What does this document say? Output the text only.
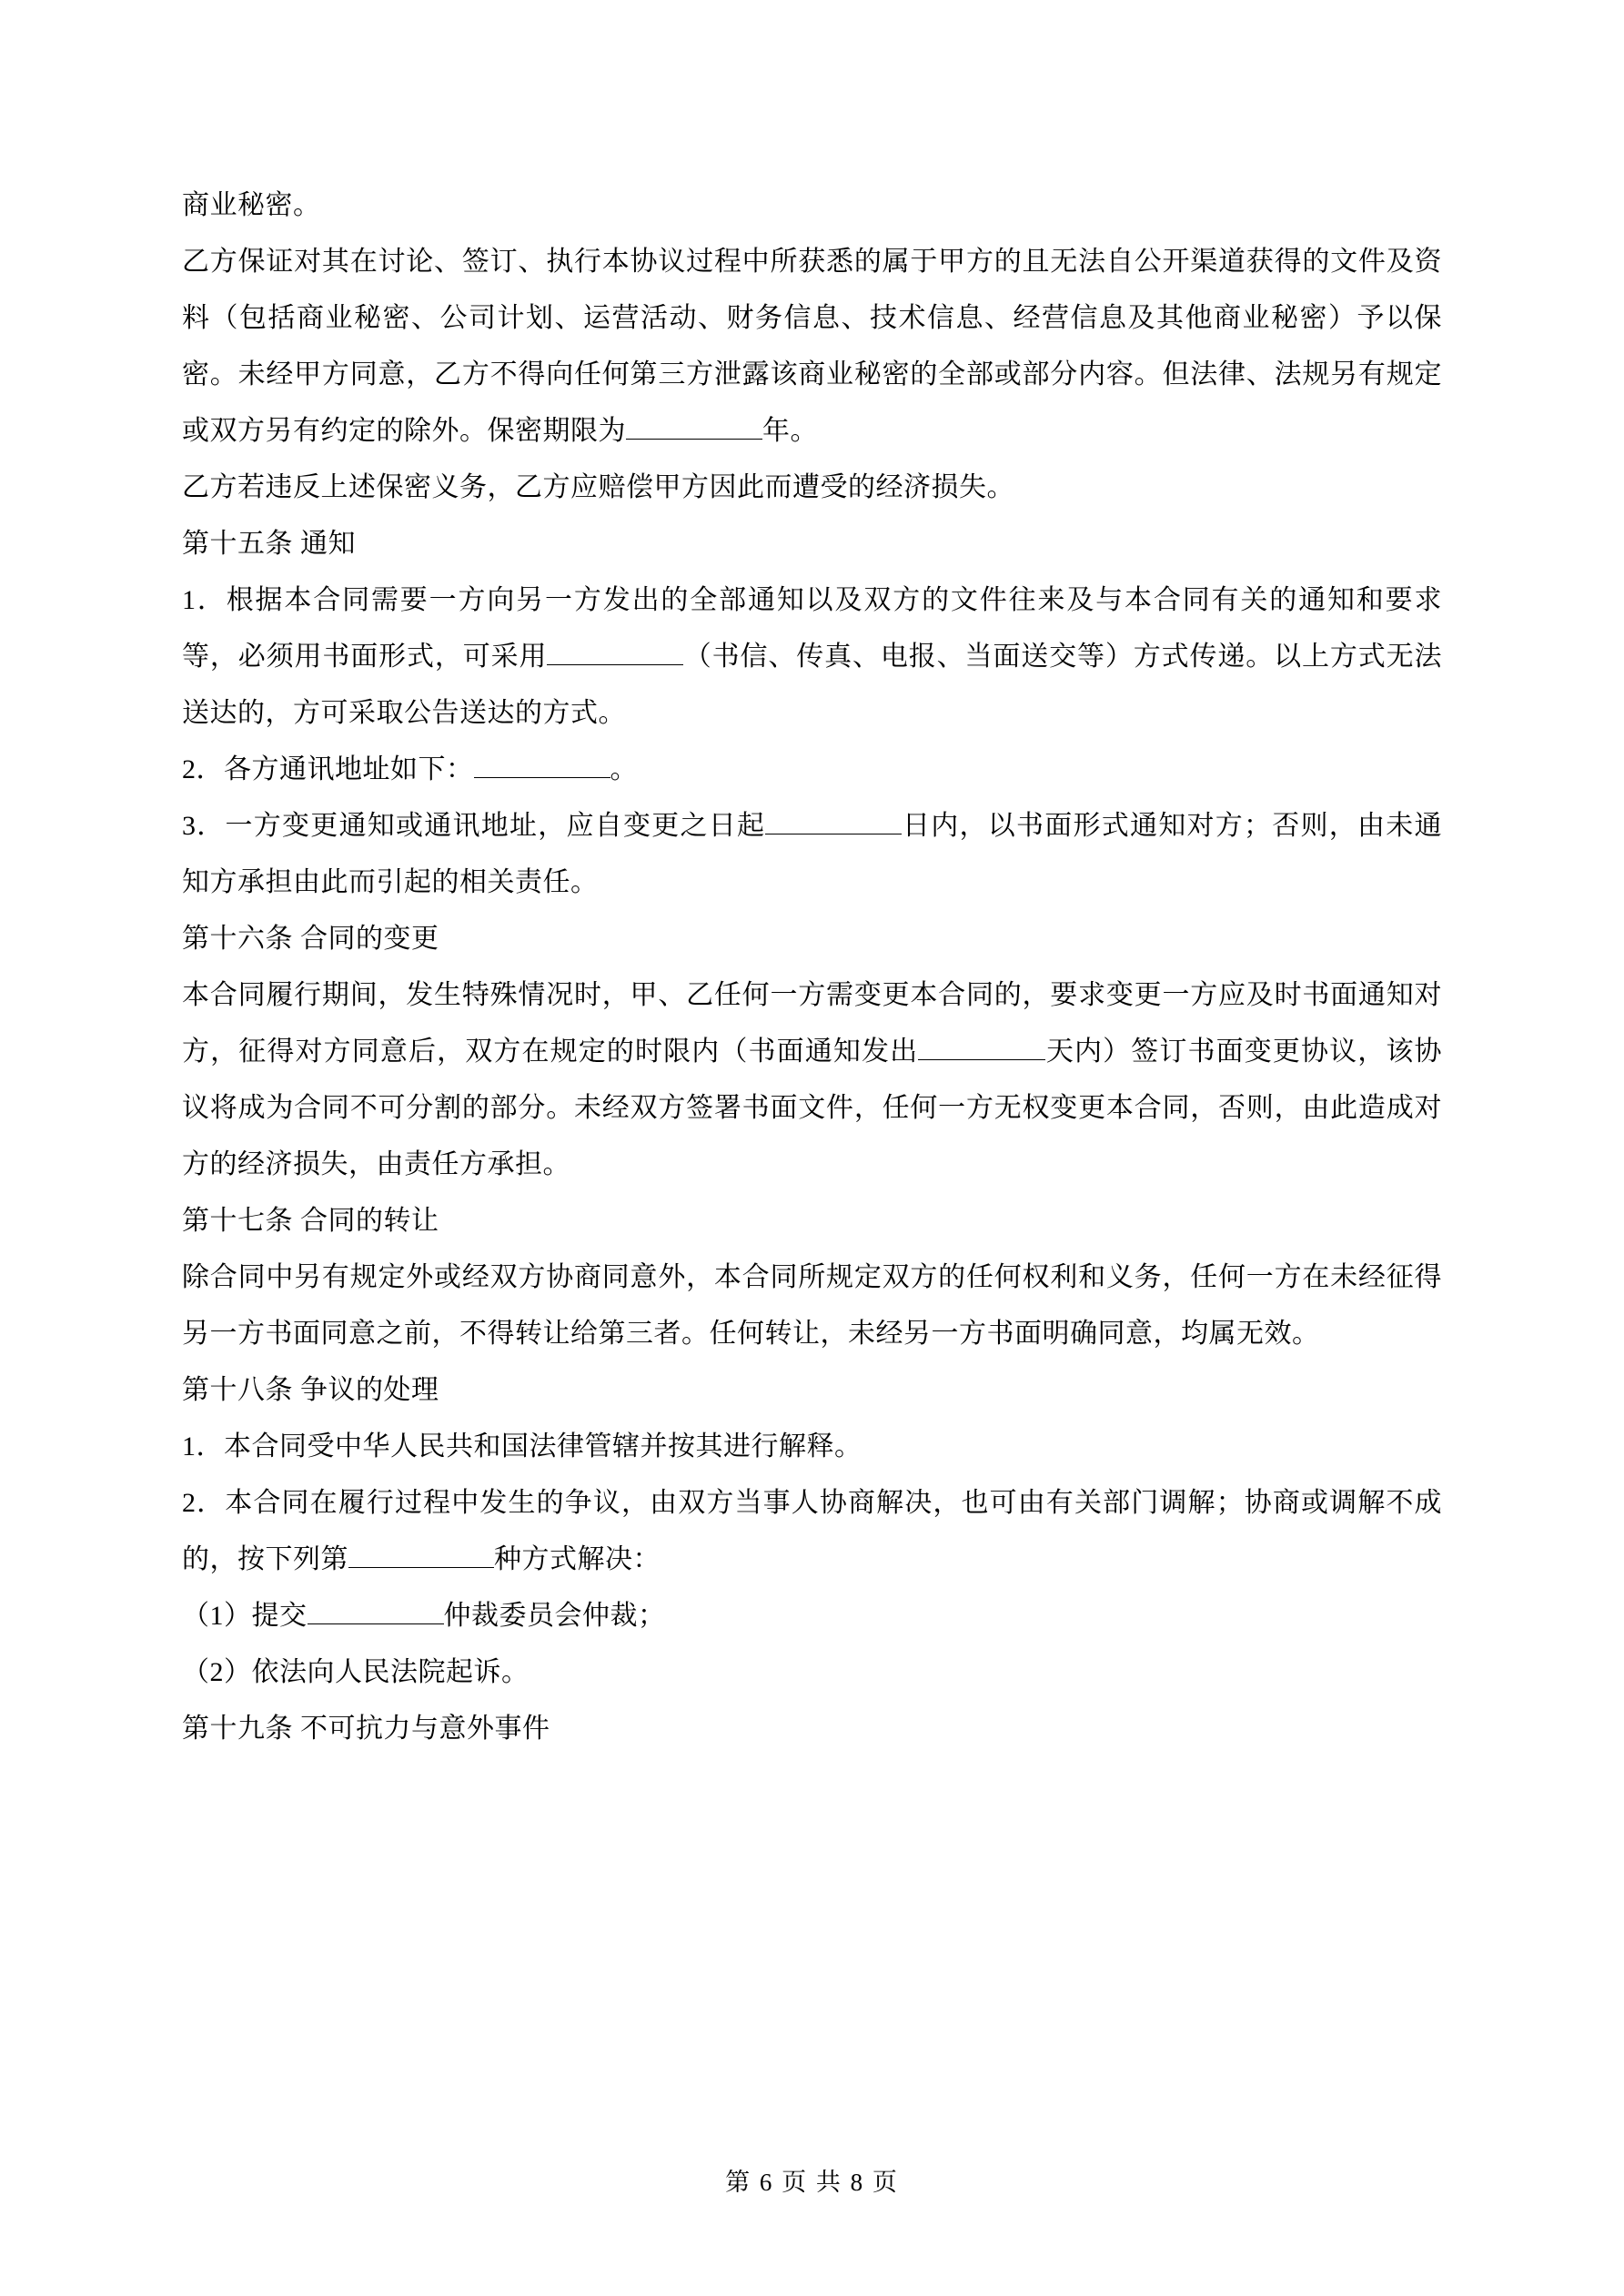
商业秘密。

乙方保证对其在讨论、签订、执行本协议过程中所获悉的属于甲方的且无法自公开渠道获得的文件及资料（包括商业秘密、公司计划、运营活动、财务信息、技术信息、经营信息及其他商业秘密）予以保密。未经甲方同意，乙方不得向任何第三方泄露该商业秘密的全部或部分内容。但法律、法规另有规定或双方另有约定的除外。保密期限为	年。

乙方若违反上述保密义务，乙方应赔偿甲方因此而遭受的经济损失。

第十五条 通知

1．根据本合同需要一方向另一方发出的全部通知以及双方的文件往来及与本合同有关的通知和要求等，必须用书面形式，可采用	（书信、传真、电报、当面送交等）方式传递。以上方式无法送达的，方可采取公告送达的方式。

2．各方通讯地址如下：	。

3．一方变更通知或通讯地址，应自变更之日起	日内，以书面形式通知对方；否则，由未通知方承担由此而引起的相关责任。

第十六条 合同的变更

本合同履行期间，发生特殊情况时，甲、乙任何一方需变更本合同的，要求变更一方应及时书面通知对方，征得对方同意后，双方在规定的时限内（书面通知发出	天内）签订书面变更协议，该协议将成为合同不可分割的部分。未经双方签署书面文件，任何一方无权变更本合同，否则，由此造成对方的经济损失，由责任方承担。

第十七条 合同的转让

除合同中另有规定外或经双方协商同意外，本合同所规定双方的任何权利和义务，任何一方在未经征得另一方书面同意之前，不得转让给第三者。任何转让，未经另一方书面明确同意，均属无效。

第十八条 争议的处理

1．本合同受中华人民共和国法律管辖并按其进行解释。

2．本合同在履行过程中发生的争议，由双方当事人协商解决，也可由有关部门调解；协商或调解不成的，按下列第	种方式解决：

（1）提交	仲裁委员会仲裁；

（2）依法向人民法院起诉。

第十九条 不可抗力与意外事件

第 6 页 共 8 页
